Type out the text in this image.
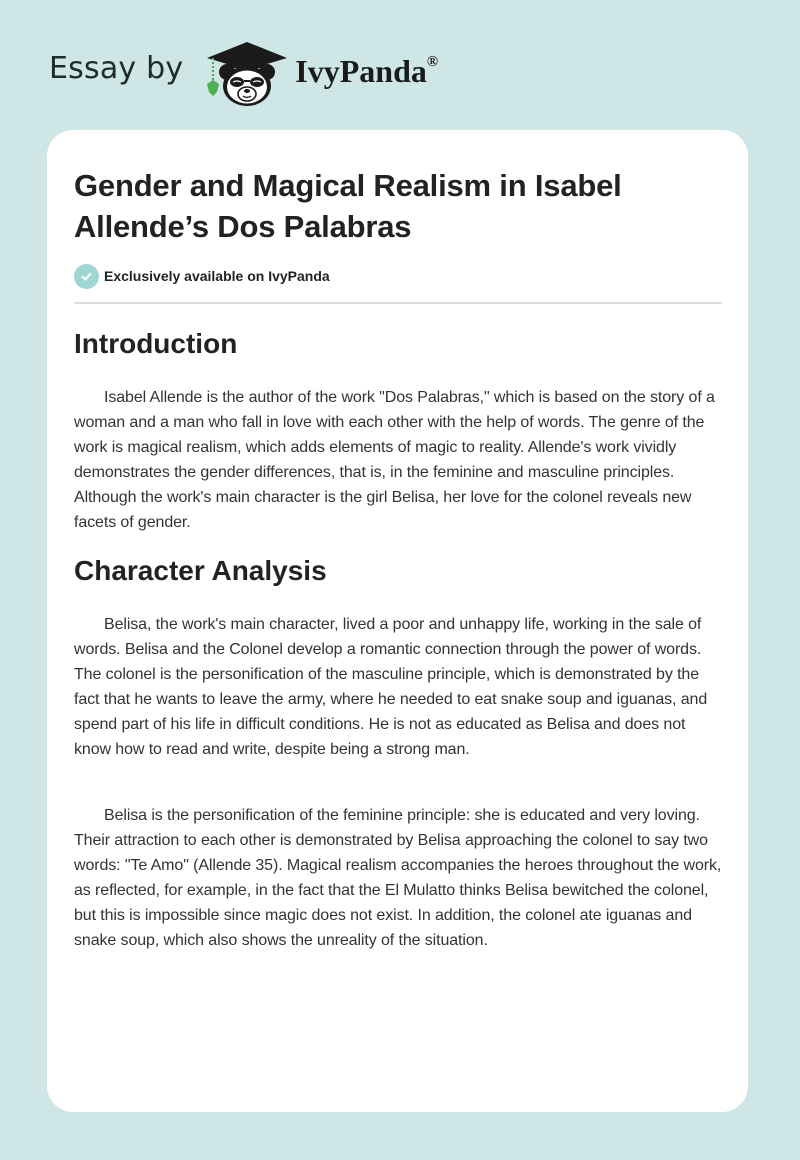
Essay by	IvyPanda®
Gender and Magical Realism in Isabel Allende’s Dos Palabras
Exclusively available on IvyPanda
Introduction

Isabel Allende is the author of the work "Dos Palabras," which is based on the story of a woman and a man who fall in love with each other with the help of words. The genre of the work is magical realism, which adds elements of magic to reality. Allende's work vividly demonstrates the gender differences, that is, in the feminine and masculine principles. Although the work's main character is the girl Belisa, her love for the colonel reveals new facets of gender.

Character Analysis

Belisa, the work's main character, lived a poor and unhappy life, working in the sale of words. Belisa and the Colonel develop a romantic connection through the power of words. The colonel is the personification of the masculine principle, which is demonstrated by the fact that he wants to leave the army, where he needed to eat snake soup and iguanas, and spend part of his life in difficult conditions. He is not as educated as Belisa and does not know how to read and write, despite being a strong man.

Belisa is the personification of the feminine principle: she is educated and very loving. Their attraction to each other is demonstrated by Belisa approaching the colonel to say two words: "Te Amo" (Allende 35). Magical realism accompanies the heroes throughout the work, as reflected, for example, in the fact that the El Mulatto thinks Belisa bewitched the colonel, but this is impossible since magic does not exist. In addition, the colonel ate iguanas and snake soup, which also shows the unreality of the situation.
